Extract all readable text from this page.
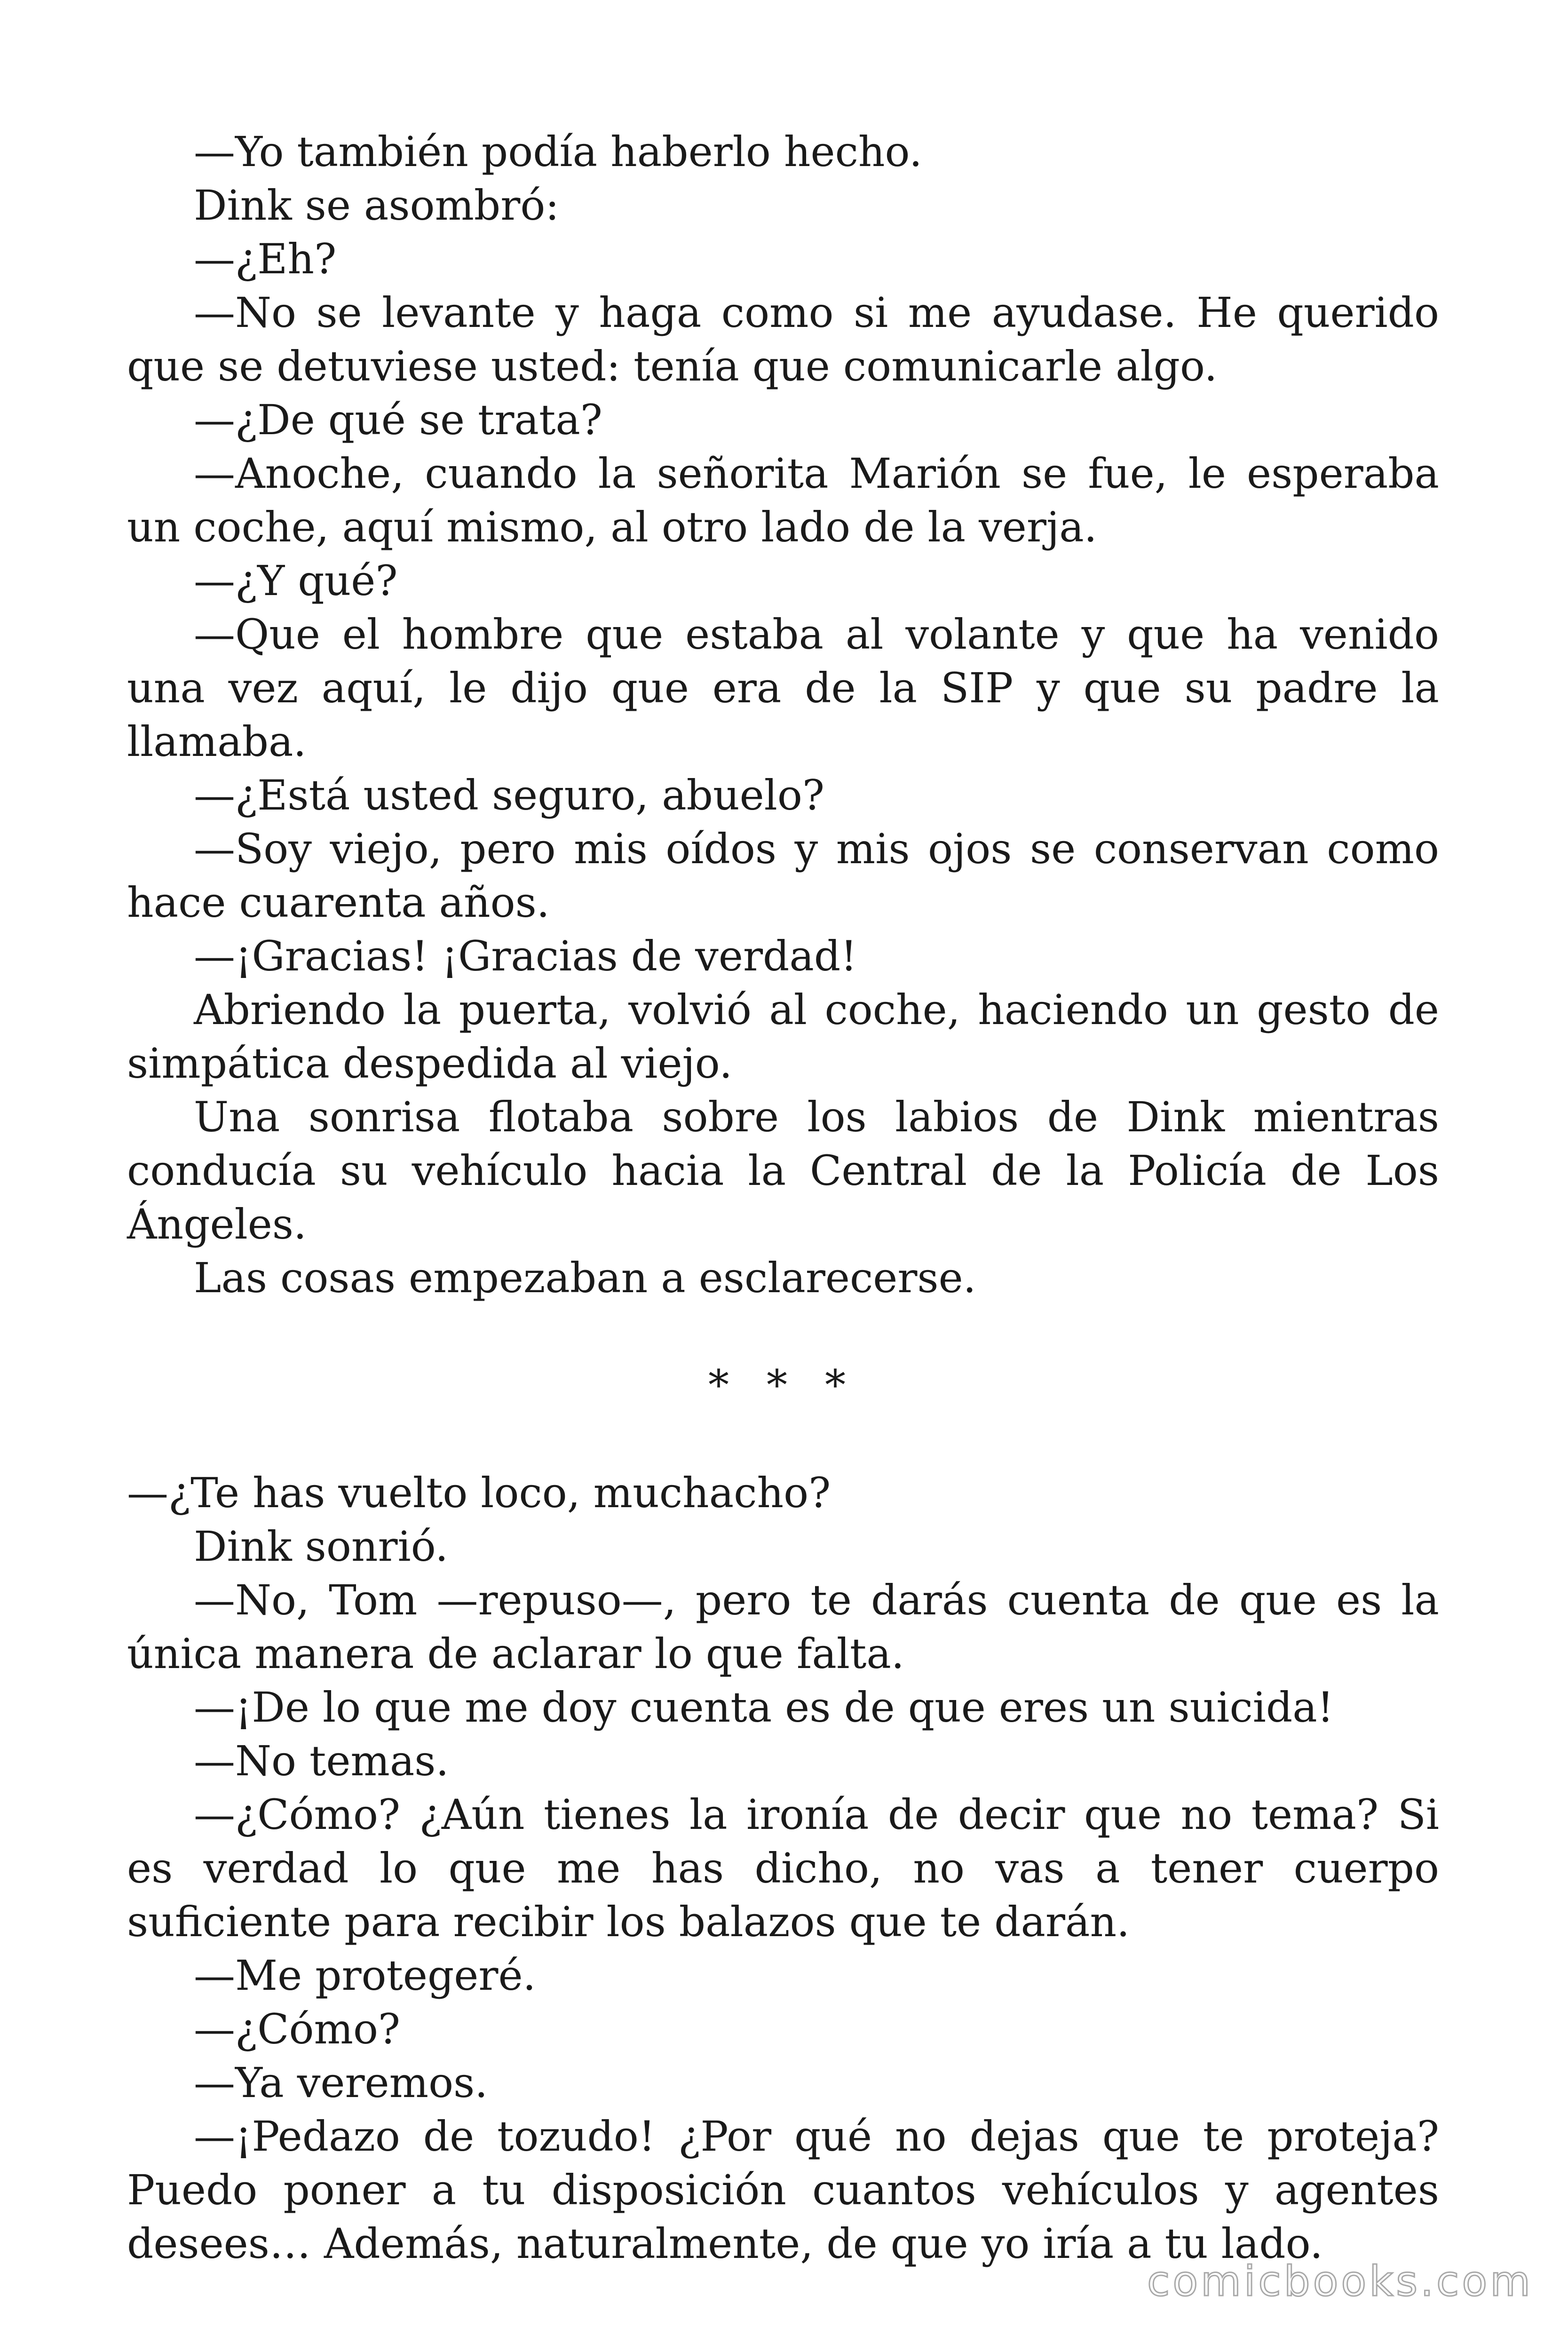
—Yo también podía haberlo hecho.

Dink se asombró:

—¿Eh?

—No se levante y haga como si me ayudase. He querido que se detuviese usted: tenía que comunicarle algo.

—¿De qué se trata?

—Anoche, cuando la señorita Marión se fue, le esperaba un coche, aquí mismo, al otro lado de la verja.

—¿Y qué?

—Que el hombre que estaba al volante y que ha venido una vez aquí, le dijo que era de la SIP y que su padre la llamaba.

—¿Está usted seguro, abuelo?

—Soy viejo, pero mis oídos y mis ojos se conservan como hace cuarenta años.

—¡Gracias! ¡Gracias de verdad!

Abriendo la puerta, volvió al coche, haciendo un gesto de simpática despedida al viejo.

Una sonrisa flotaba sobre los labios de Dink mientras conducía su vehículo hacia la Central de la Policía de Los Ángeles.

Las cosas empezaban a esclarecerse.

* * *

—¿Te has vuelto loco, muchacho?

Dink sonrió.

—No, Tom —repuso—, pero te darás cuenta de que es la única manera de aclarar lo que falta.

—¡De lo que me doy cuenta es de que eres un suicida!

—No temas.

—¿Cómo? ¿Aún tienes la ironía de decir que no tema? Si es verdad lo que me has dicho, no vas a tener cuerpo suficiente para recibir los balazos que te darán.

—Me protegeré.

—¿Cómo?

—Ya veremos.

—¡Pedazo de tozudo! ¿Por qué no dejas que te proteja? Puedo poner a tu disposición cuantos vehículos y agentes desees… Además, naturalmente, de que yo iría a tu lado.

comicbooks.com
